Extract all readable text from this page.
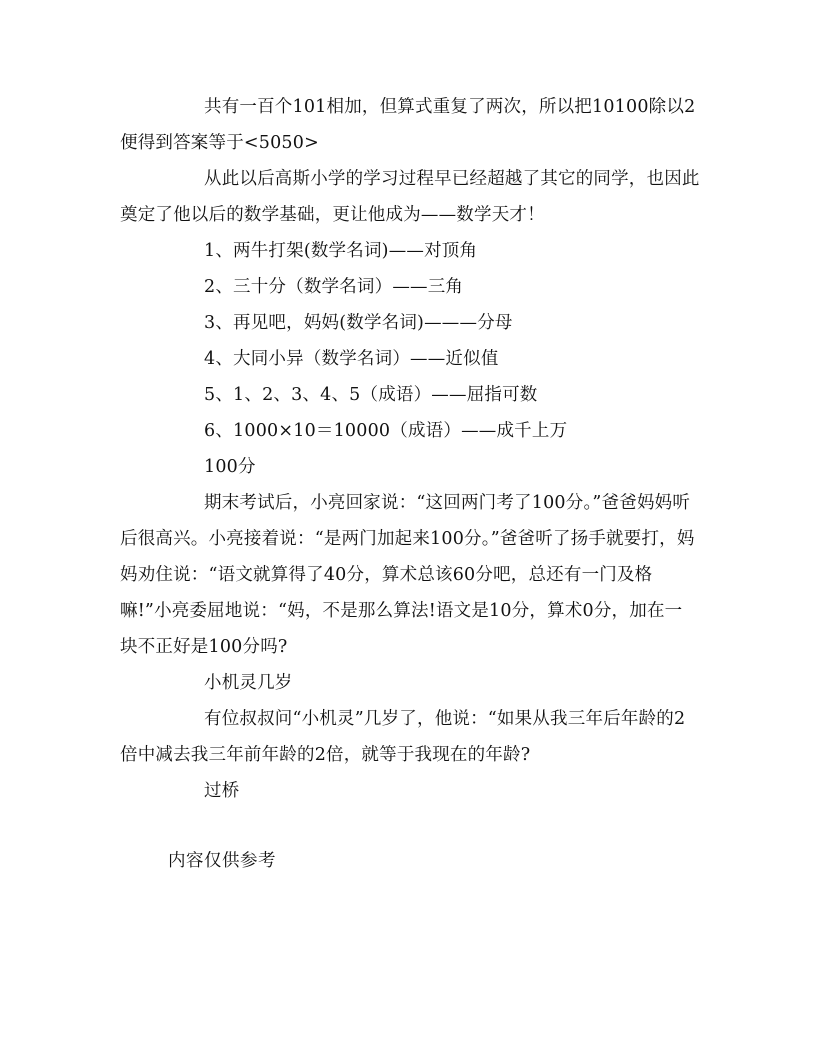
共有一百个101相加，但算式重复了两次，所以把10100除以2便得到答案等于<5050>

从此以后高斯小学的学习过程早已经超越了其它的同学，也因此奠定了他以后的数学基础，更让他成为——数学天才！

1、两牛打架(数学名词)——对顶角

2、三十分（数学名词）——三角

3、再见吧，妈妈(数学名词)———分母

4、大同小异（数学名词）——近似值

5、1、2、3、4、5（成语）——屈指可数

6、1000×10＝10000（成语）——成千上万

100分

期末考试后，小亮回家说：“这回两门考了100分。”爸爸妈妈听后很高兴。小亮接着说：“是两门加起来100分。”爸爸听了扬手就要打，妈妈劝住说：“语文就算得了40分，算术总该60分吧，总还有一门及格嘛!”小亮委屈地说：“妈，不是那么算法!语文是10分，算术0分，加在一块不正好是100分吗?

小机灵几岁

有位叔叔问“小机灵”几岁了，他说：“如果从我三年后年龄的2倍中减去我三年前年龄的2倍，就等于我现在的年龄?

过桥

内容仅供参考
